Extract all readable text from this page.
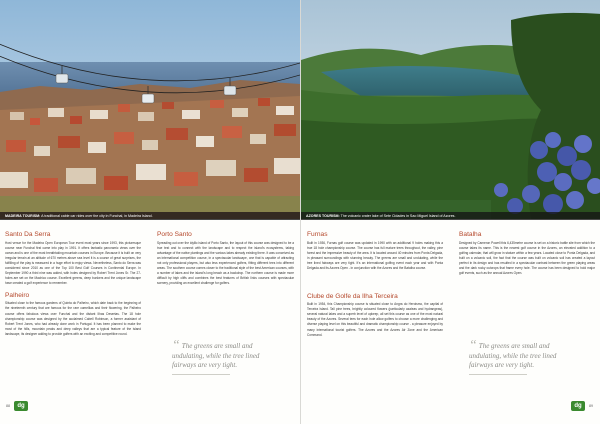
MADEIRA TOURISM: A traditional cable car rides over the city in Funchal, in Madeira Island.
Santo Da Serra

Host venue for the Madeira Open European Tour event most years since 1993, this picturesque course near Funchal first came into play in 1991. It offers fantastic panoramic views over the ocean and is one of the most breathtaking mountain courses in Europe. Because it is built on very irregular terrain at an altitude of 670 metres above sea level it is a course of great surprises, the fulfilling of the play is measured in a huge effort to enjoy views. Nevertheless, Santo do Serra was considered since 2010 as one of the Top 100 Best Golf Courses in Continental Europe. In September 1990 a third nine was added, with holes designed by Robert Trent Jones Sr. The 27-holes are set on the Machico course. Excellent greens, deep bunkers and the unique landscape have created a golf experience to remember.

Palheiro

Situated close to the famous gardens of Quinta do Palheiro, which date back to the beginning of the nineteenth century that are famous for the rare camellias and their flowering, the Palheiro course offers fabulous views over Funchal and the distant Ilhas Desertas. The 18 hole championship course was designed by the acclaimed Cabell Robinson, a former assistant of Robert Trent Jones, who had already done work in Portugal. It has been planned to make the most of the hills, mountain peaks and deep valleys that are a typical feature of the island landscape, its designer adding to provide golfers with an exciting and competitive round.

Porto Santo

Spreading out over the idyllic island of Porto Santo, the layout of this course was designed to be a true test and to connect with the landscape and to respect the island's ecosystems, taking advantage of the native plantings and the various lakes already existing there. It was conceived as an international competition course, in a spectacular landscape, one that is capable of attracting not only professional players, but also less experienced golfers, fitting different tees into different areas. The southern course comes closer to the traditional style of the best American courses, with a number of lakes and the island's long beach as a backdrop. The northern course is made more difficult by high cliffs and combines the best features of British links courses with spectacular scenery, providing an excellent challenge for golfers.

“ The greens are small and undulating, while the tree lined fairways are very tight.
88	dg
AZORES TOURISM: The volcanic crater lake of Sete Cidades in Sao Miguel Island of Azores.
Furnas

Built in 1936, Furnas golf course was updated in 1990 with an additional 9 holes making this a true 18 hole championship course. The course has full mature trees throughout, the valley, pine forest and the impressive beauty of the area. It is located around 40 minutes from Ponta Delgada, in pleasant surroundings with stunning beauty. The greens are small and undulating, while the tree lined fairways are very tight. It's an international golfing event each year and with Ponta Delgada and its Azores Open - in conjunction with the Azores and the Batalha course.

Clube de Golfe da Ilha Terceira

Built in 1954, this Championship course is situated close to Angra do Heroismo, the capital of Terceira Island. Tall pine trees, brightly coloured flowers (particularly azaleas and hydrangeas), several natural lakes and a superb level of upkeep, all set this course as one of the most natural beauty of the Azores. Several tees for each hole allow golfers to choose a more challenging and diverse playing level on this beautiful and dramatic championship course - a pleasure enjoyed by many international tourist golfers. The Azores and the Azores Air Zone and the American Command.

Batalha

Designed by Cameron Powell this 6,435metre course is set on a historic battle site from which the course takes its name. This is the newest golf course in the Azores, an elevated addition to a golfing calendar, that will grow in stature within a few years. Located close to Ponta Delgada, and built on a volcanic soil, the fact that the course was built on volcanic soil has created a layout perfect in its design and has resulted in a spectacular contrast between the green playing areas and the dark rocky outcrops that frame every hole. The course has been designed to hold major golf events, such as the annual Azores Open.

“ The greens are small and undulating, while the tree lined fairways are very tight.
dg	89
